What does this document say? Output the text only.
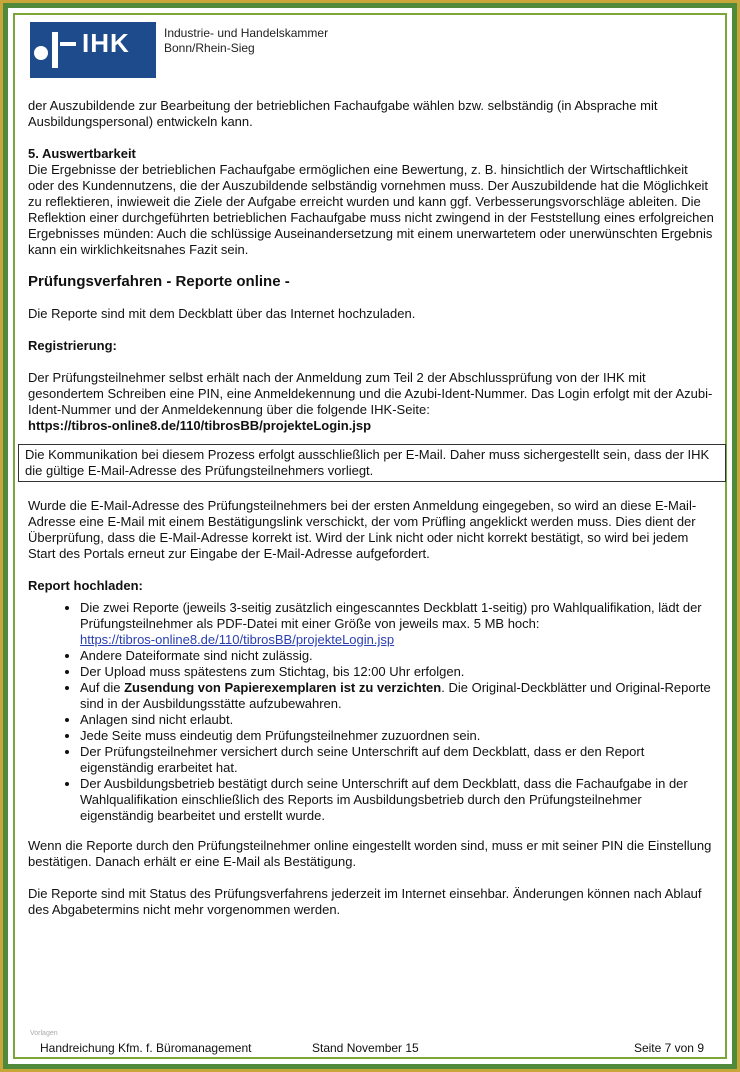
IHK	Industrie- und Handelskammer
Bonn/Rhein-Sieg

der Auszubildende zur Bearbeitung der betrieblichen Fachaufgabe wählen bzw. selbständig (in Absprache mit Ausbildungspersonal) entwickeln kann.

5. Auswertbarkeit

Die Ergebnisse der betrieblichen Fachaufgabe ermöglichen eine Bewertung, z. B. hinsichtlich der Wirtschaftlichkeit oder des Kundennutzens, die der Auszubildende selbständig vornehmen muss. Der Auszubildende hat die Möglichkeit zu reflektieren, inwieweit die Ziele der Aufgabe erreicht wurden und kann ggf. Verbesserungsvorschläge ableiten. Die Reflektion einer durchgeführten betrieblichen Fachaufgabe muss nicht zwingend in der Feststellung eines erfolgreichen Ergebnisses münden: Auch die schlüssige Auseinandersetzung mit einem unerwartetem oder unerwünschten Ergebnis kann ein wirklichkeitsnahes Fazit sein.

Prüfungsverfahren - Reporte online -

Die Reporte sind mit dem Deckblatt über das Internet hochzuladen.

Registrierung:

Der Prüfungsteilnehmer selbst erhält nach der Anmeldung zum Teil 2 der Abschlussprüfung von der IHK mit gesondertem Schreiben eine PIN, eine Anmeldekennung und die Azubi-Ident-Nummer. Das Login erfolgt mit der Azubi-Ident-Nummer und der Anmeldekennung über die folgende IHK-Seite:

https://tibros-online8.de/110/tibrosBB/projekteLogin.jsp

Die Kommunikation bei diesem Prozess erfolgt ausschließlich per E-Mail. Daher muss sichergestellt sein, dass der IHK die gültige E-Mail-Adresse des Prüfungsteilnehmers vorliegt.

Wurde die E-Mail-Adresse des Prüfungsteilnehmers bei der ersten Anmeldung eingegeben, so wird an diese E-Mail-Adresse eine E-Mail mit einem Bestätigungslink verschickt, der vom Prüfling angeklickt werden muss. Dies dient der Überprüfung, dass die E-Mail-Adresse korrekt ist. Wird der Link nicht oder nicht korrekt bestätigt, so wird bei jedem Start des Portals erneut zur Eingabe der E-Mail-Adresse aufgefordert.

Report hochladen:

• Die zwei Reporte (jeweils 3-seitig zusätzlich eingescanntes Deckblatt 1-seitig) pro Wahlqualifikation, lädt der Prüfungsteilnehmer als PDF-Datei mit einer Größe von jeweils max. 5 MB hoch:
https://tibros-online8.de/110/tibrosBB/projekteLogin.jsp
• Andere Dateiformate sind nicht zulässig.
• Der Upload muss spätestens zum Stichtag, bis 12:00 Uhr erfolgen.
• Auf die Zusendung von Papierexemplaren ist zu verzichten. Die Original-Deckblätter und Original-Reporte sind in der Ausbildungsstätte aufzubewahren.
• Anlagen sind nicht erlaubt.
• Jede Seite muss eindeutig dem Prüfungsteilnehmer zuzuordnen sein.
• Der Prüfungsteilnehmer versichert durch seine Unterschrift auf dem Deckblatt, dass er den Report eigenständig erarbeitet hat.
• Der Ausbildungsbetrieb bestätigt durch seine Unterschrift auf dem Deckblatt, dass die Fachaufgabe in der Wahlqualifikation einschließlich des Reports im Ausbildungsbetrieb durch den Prüfungsteilnehmer eigenständig bearbeitet und erstellt wurde.

Wenn die Reporte durch den Prüfungsteilnehmer online eingestellt worden sind, muss er mit seiner PIN die Einstellung bestätigen. Danach erhält er eine E-Mail als Bestätigung.

Die Reporte sind mit Status des Prüfungsverfahrens jederzeit im Internet einsehbar. Änderungen können nach Ablauf des Abgabetermins nicht mehr vorgenommen werden.

Vorlagen
Handreichung Kfm. f. Büromanagement	Stand November 15	Seite 7 von 9
